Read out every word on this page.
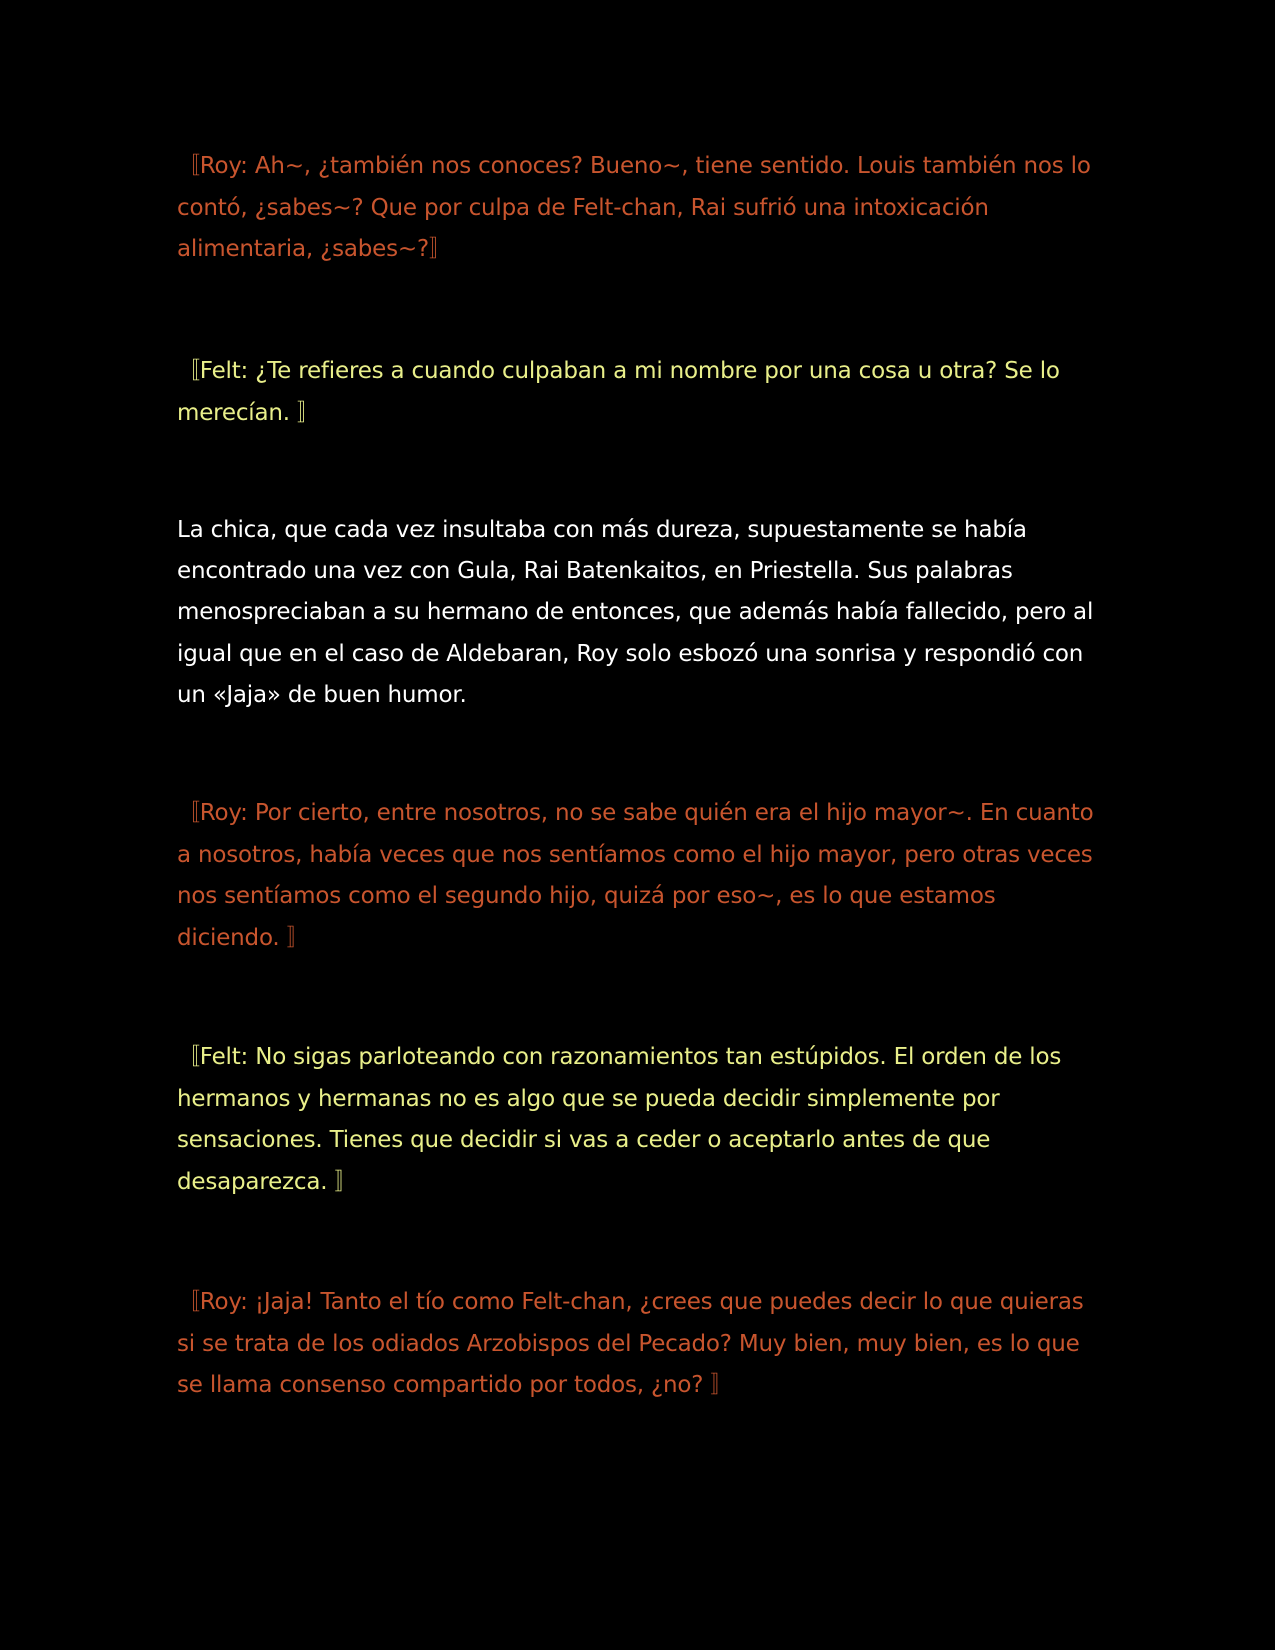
〚Roy: Ah~, ¿también nos conoces? Bueno~, tiene sentido. Louis también nos lo contó, ¿sabes~? Que por culpa de Felt-chan, Rai sufrió una intoxicación alimentaria, ¿sabes~?〛

〚Felt: ¿Te refieres a cuando culpaban a mi nombre por una cosa u otra? Se lo merecían. 〛

La chica, que cada vez insultaba con más dureza, supuestamente se había encontrado una vez con Gula, Rai Batenkaitos, en Priestella. Sus palabras menospreciaban a su hermano de entonces, que además había fallecido, pero al igual que en el caso de Aldebaran, Roy solo esbozó una sonrisa y respondió con un «Jaja» de buen humor.

〚Roy: Por cierto, entre nosotros, no se sabe quién era el hijo mayor~. En cuanto a nosotros, había veces que nos sentíamos como el hijo mayor, pero otras veces nos sentíamos como el segundo hijo, quizá por eso~, es lo que estamos diciendo. 〛

〚Felt: No sigas parloteando con razonamientos tan estúpidos. El orden de los hermanos y hermanas no es algo que se pueda decidir simplemente por sensaciones. Tienes que decidir si vas a ceder o aceptarlo antes de que desaparezca. 〛

〚Roy: ¡Jaja! Tanto el tío como Felt-chan, ¿crees que puedes decir lo que quieras si se trata de los odiados Arzobispos del Pecado? Muy bien, muy bien, es lo que se llama consenso compartido por todos, ¿no? 〛
